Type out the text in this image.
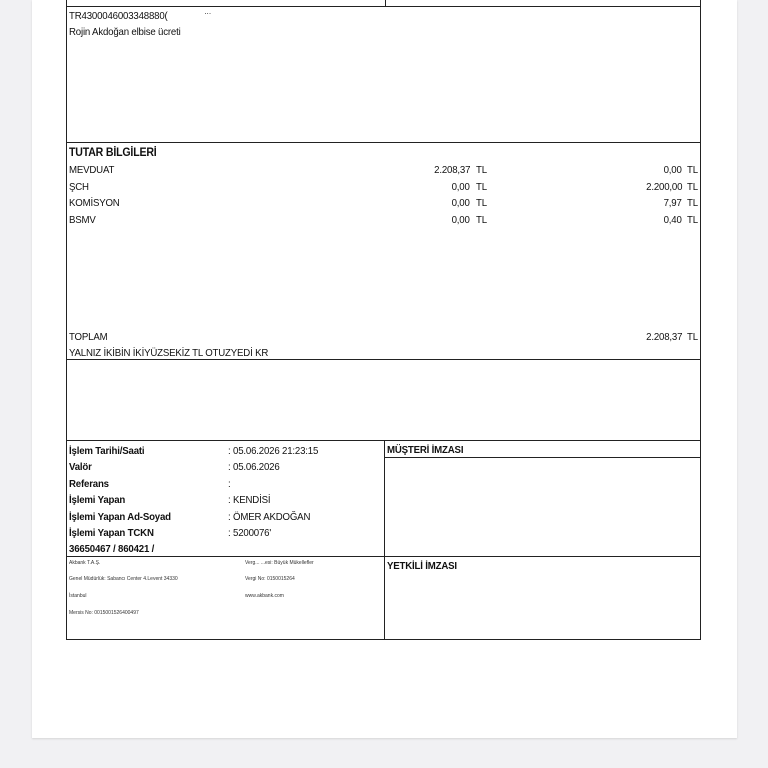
TR4300046003348880(	…
Rojin Akdoğan elbise ücreti
TUTAR BİLGİLERİ
MEVDUAT	2.208,37 TL	0,00 TL
ŞCH	0,00 TL	2.200,00 TL
KOMİSYON	0,00 TL	7,97 TL
BSMV	0,00 TL	0,40 TL
TOPLAM	2.208,37 TL
YALNIZ İKİBİN İKİYÜZSEKİZ TL OTUZYEDİ KR
İşlem Tarihi/Saati	: 05.06.2026 21:23:15
Valör	: 05.06.2026
Referans	:
İşlemi Yapan	: KENDİSİ
İşlemi Yapan Ad-Soyad	: ÖMER AKDOĞAN
İşlemi Yapan TCKN	: 5200076'
36650467 / 860421 /
MÜŞTERİ İMZASI
YETKİLİ İMZASI
Akbank T.A.Ş.
Genel Müdürlük: Sabancı Center 4.Levent 34330
İstanbul
Mersis No: 0015001526400497
Verg... ...esi: Büyük Mükellefler
Vergi No: 0150015264
www.akbank.com
